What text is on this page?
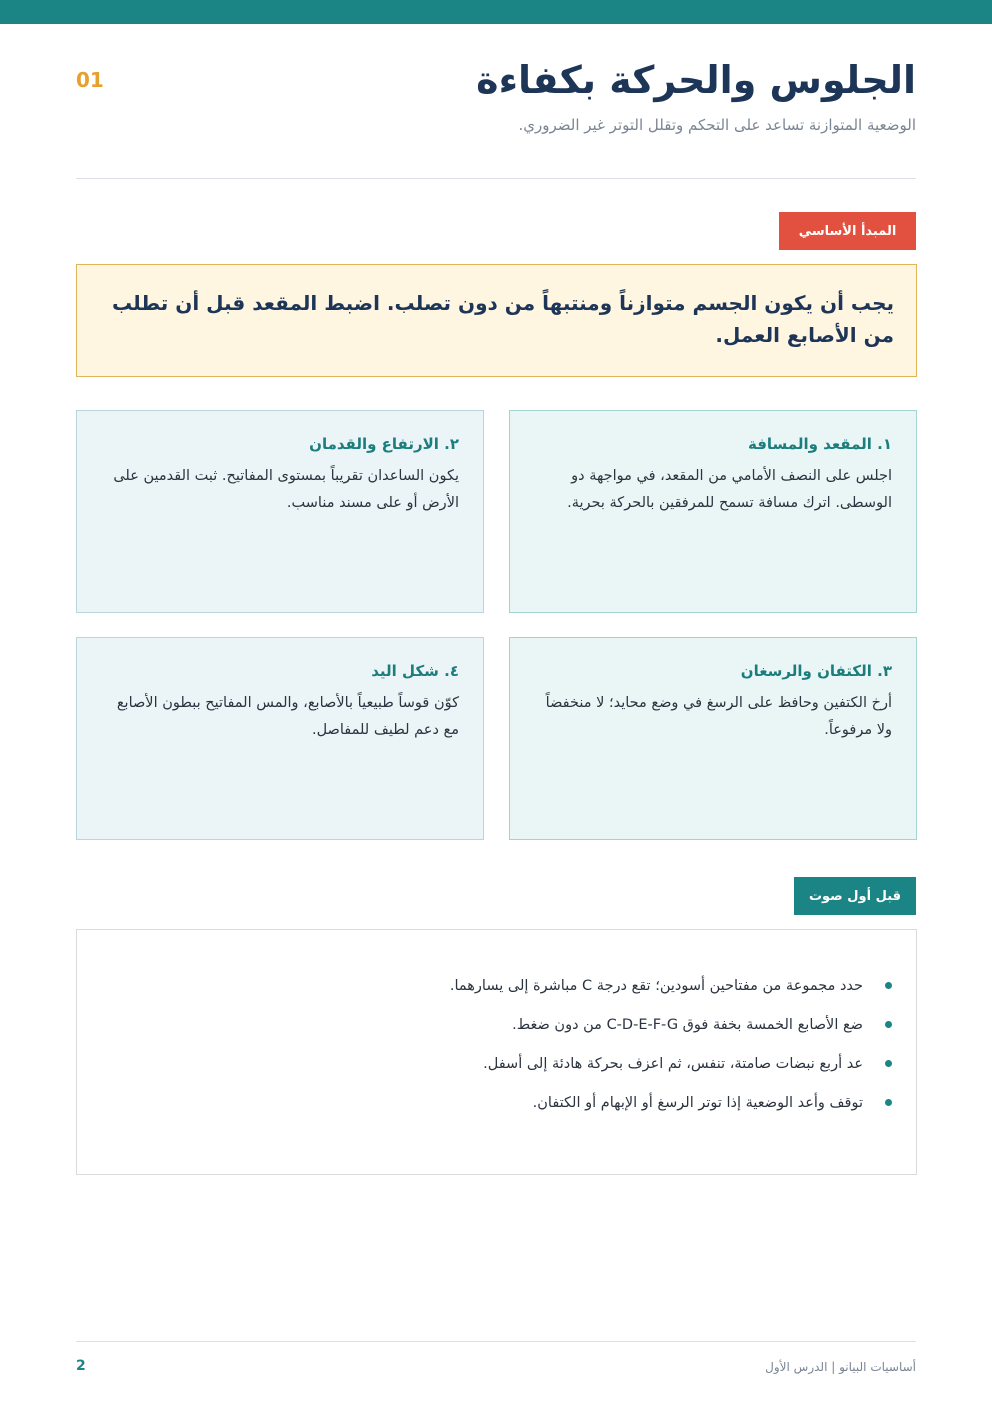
01	الجلوس والحركة بكفاءة

الوضعية المتوازنة تساعد على التحكم وتقلل التوتر غير الضروري.

المبدأ الأساسي

يجب أن يكون الجسم متوازناً ومنتبهاً من دون تصلب. اضبط المقعد قبل أن تطلب من الأصابع العمل.

١. المقعد والمسافة

اجلس على النصف الأمامي من المقعد، في مواجهة دو الوسطى. اترك مسافة تسمح للمرفقين بالحركة بحرية.

٢. الارتفاع والقدمان

يكون الساعدان تقريباً بمستوى المفاتيح. ثبت القدمين على الأرض أو على مسند مناسب.

٣. الكتفان والرسغان

أرخ الكتفين وحافظ على الرسغ في وضع محايد؛ لا منخفضاً ولا مرفوعاً.

٤. شكل اليد

كوّن قوساً طبيعياً بالأصابع، والمس المفاتيح ببطون الأصابع مع دعم لطيف للمفاصل.

قبل أول صوت
حدد مجموعة من مفتاحين أسودين؛ تقع درجة C مباشرة إلى يسارهما.
ضع الأصابع الخمسة بخفة فوق C-D-E-F-G من دون ضغط.
عد أربع نبضات صامتة، تنفس، ثم اعزف بحركة هادئة إلى أسفل.
توقف وأعد الوضعية إذا توتر الرسغ أو الإبهام أو الكتفان.
2	أساسيات البيانو | الدرس الأول
